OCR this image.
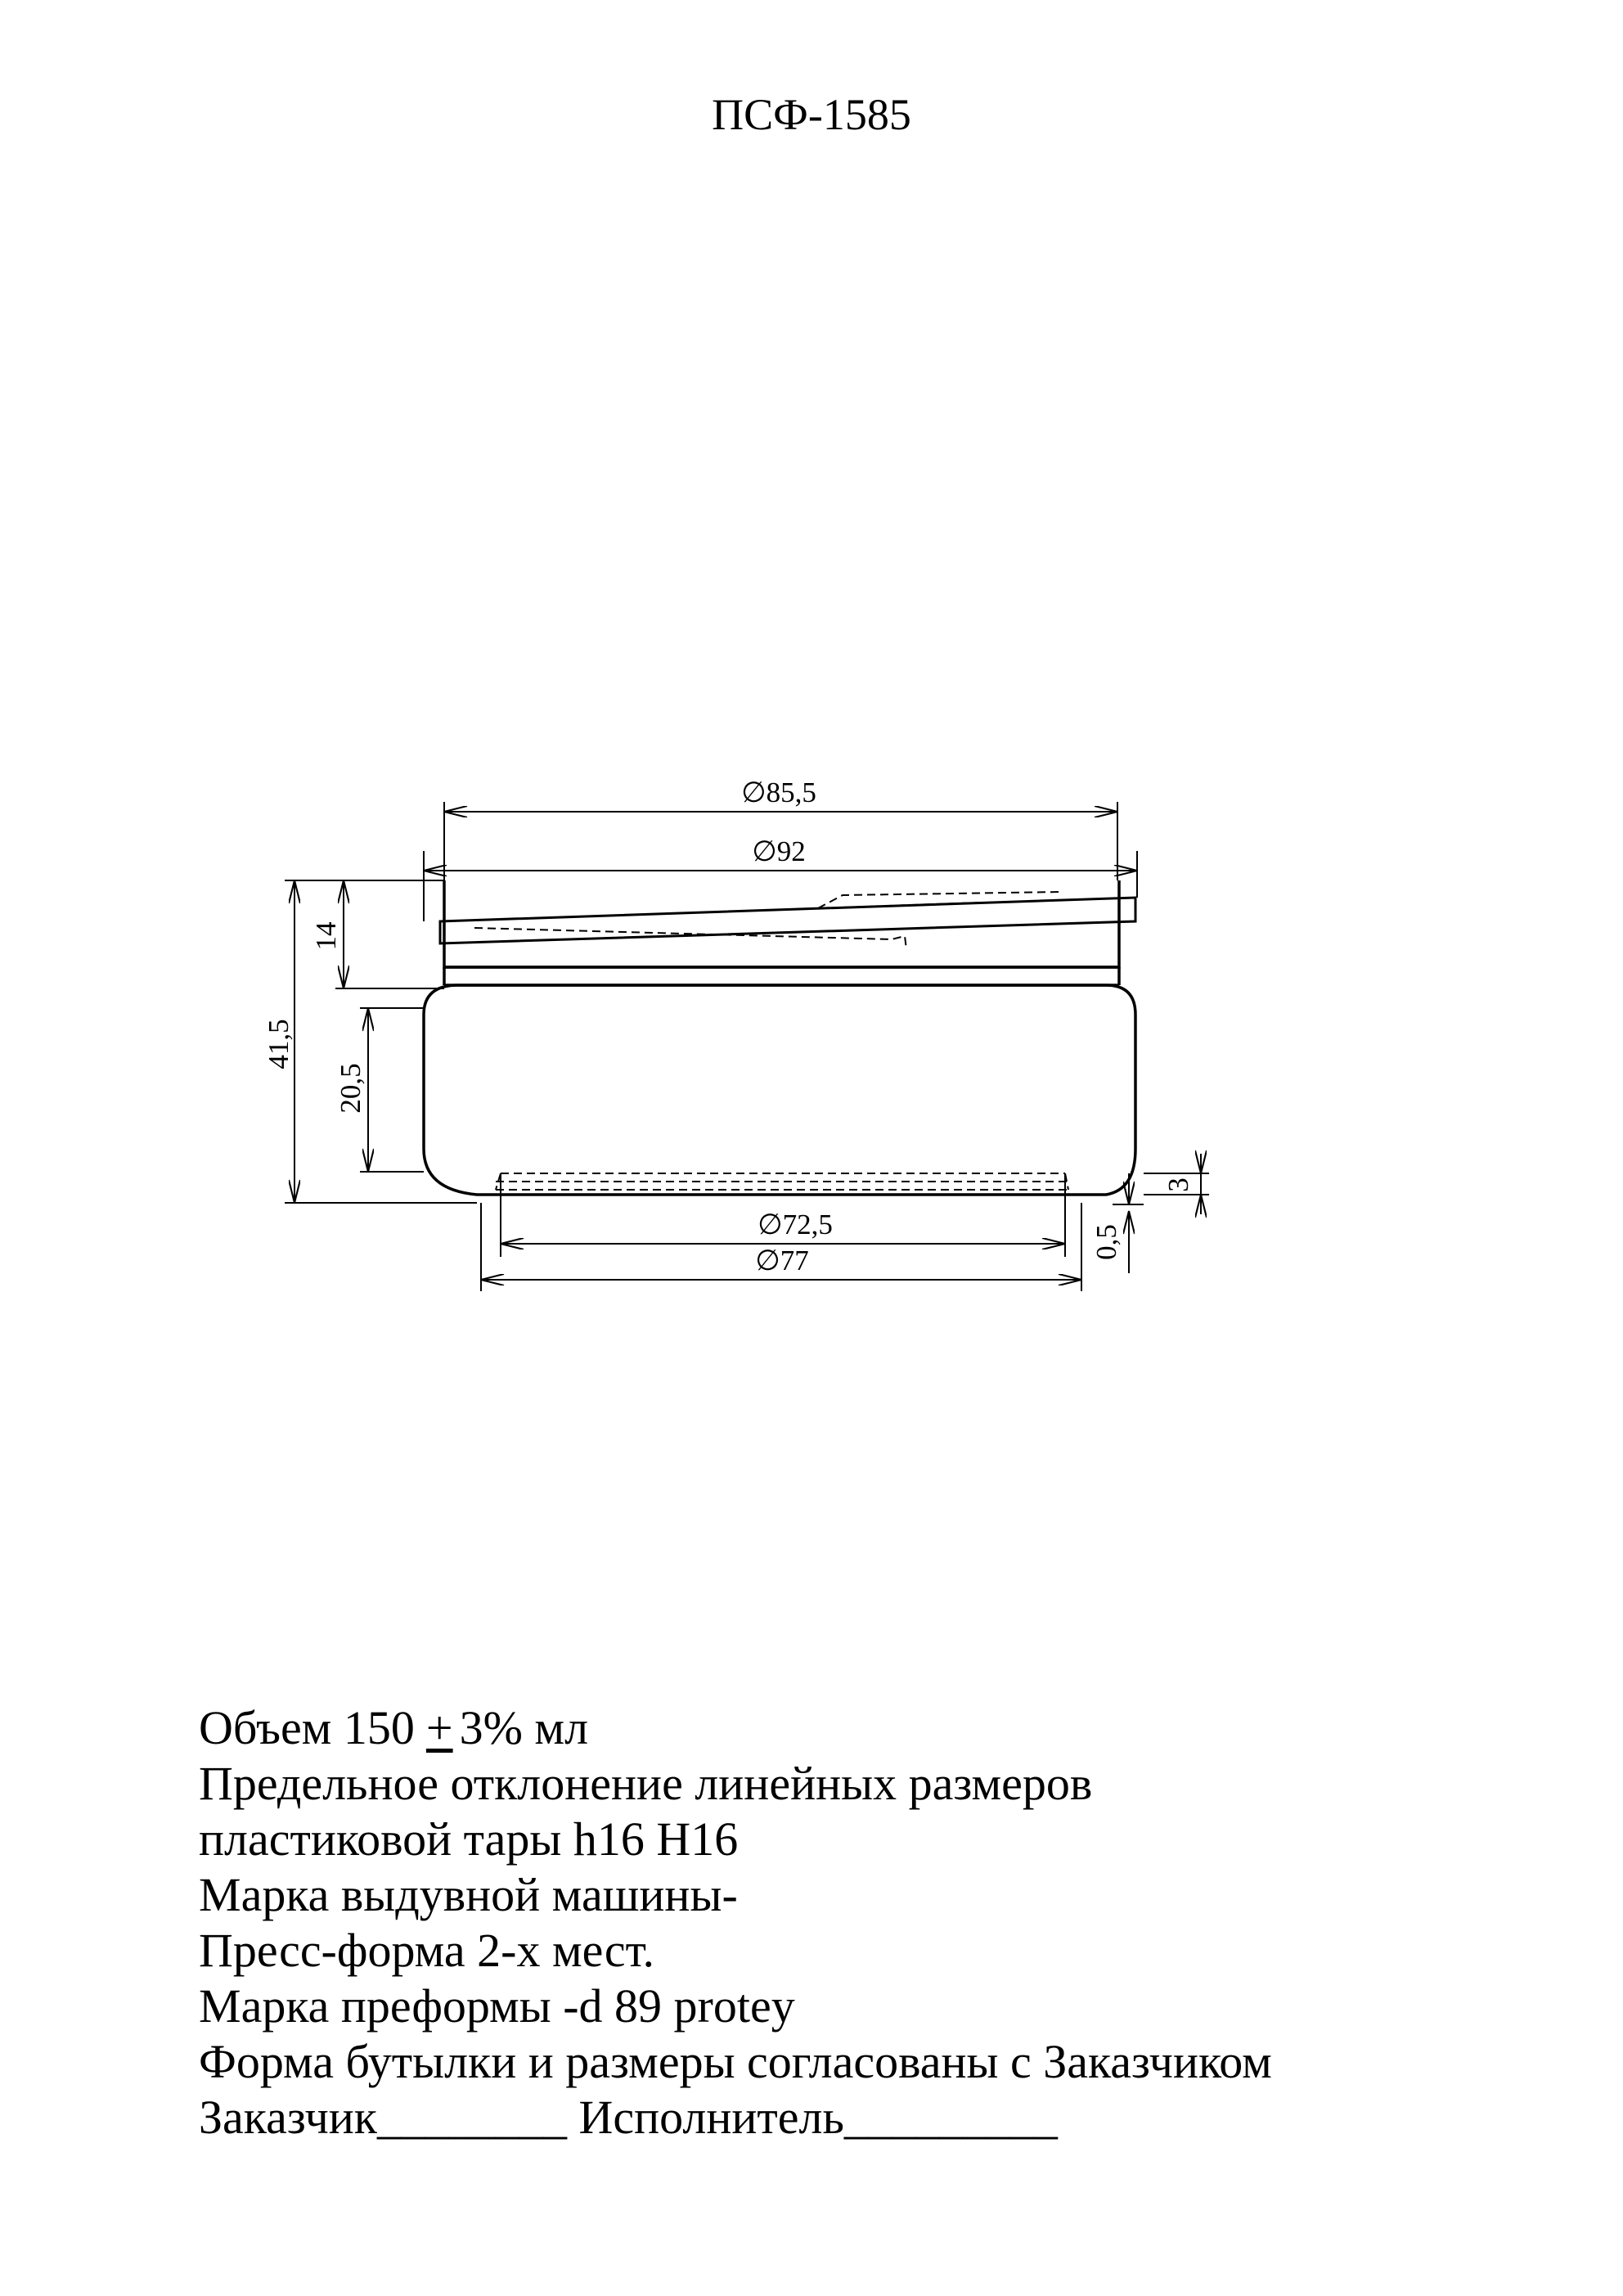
ПСФ-1585
∅85,5
∅92
41,5
14
20,5
∅72,5
∅77
3
0,5
Объем 150 + 3% мл
Предельное отклонение линейных размеров
пластиковой тары h16 H16
Марка выдувной машины-
Пресс-форма 2-х мест.
Марка преформы -d 89 protey
Форма бутылки и размеры согласованы с Заказчиком
Заказчик________ Исполнитель_________
